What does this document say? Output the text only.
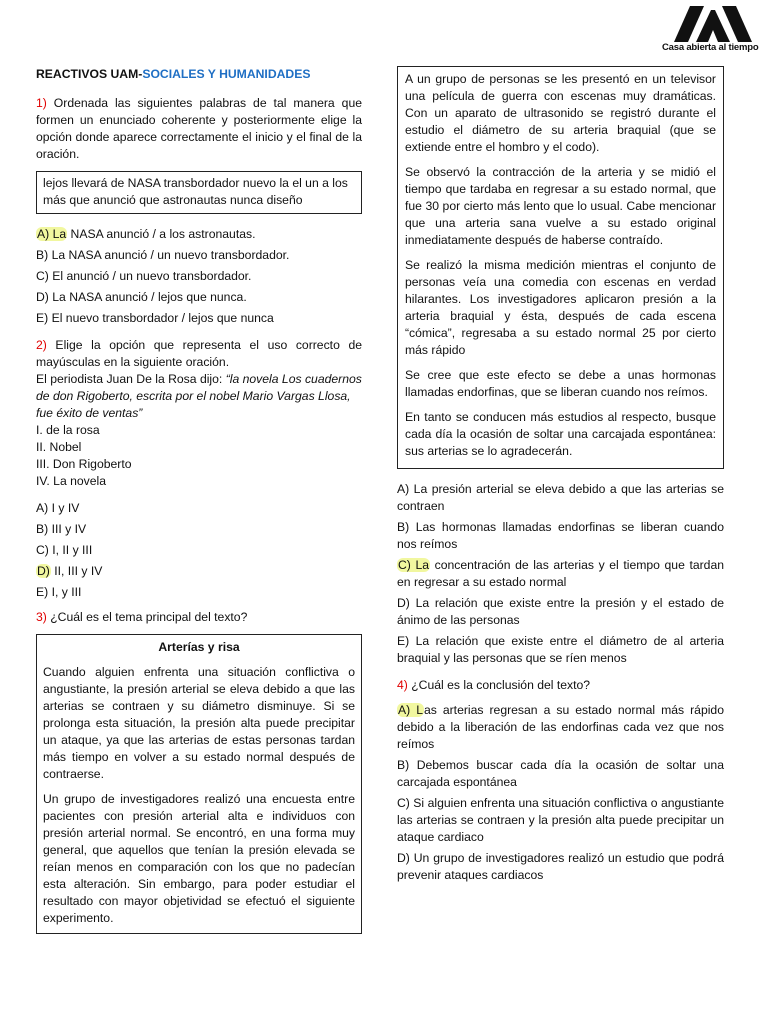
Casa abierta al tiempo
REACTIVOS UAM-SOCIALES Y HUMANIDADES

1) Ordenada las siguientes palabras de tal manera que formen un enunciado coherente y posteriormente elige la opción donde aparece correctamente el inicio y el final de la oración.

lejos llevará de NASA transbordador nuevo la el un a los más que anunció que astronautas nunca diseño
A) La NASA anunció / a los astronautas.
B) La NASA anunció / un nuevo transbordador.
C) El anunció / un nuevo transbordador.
D) La NASA anunció / lejos que nunca.
E) El nuevo transbordador / lejos que nunca

2) Elige la opción que representa el uso correcto de mayúsculas en la siguiente oración.

El periodista Juan De la Rosa dijo: “la novela Los cuadernos de don Rigoberto, escrita por el nobel Mario Vargas Llosa, fue éxito de ventas”
I. de la rosa
II. Nobel
III. Don Rigoberto
IV. La novela
A) I y IV
B) III y IV
C) I, II y III
D) II, III y IV
E) I, y III

3) ¿Cuál es el tema principal del texto?

Arterías y risa

Cuando alguien enfrenta una situación conflictiva o angustiante, la presión arterial se eleva debido a que las arterias se contraen y su diámetro disminuye. Si se prolonga esta situación, la presión alta puede precipitar un ataque, ya que las arterias de estas personas tardan más tiempo en volver a su estado normal después de contraerse.

Un grupo de investigadores realizó una encuesta entre pacientes con presión arterial alta e individuos con presión arterial normal. Se encontró, en una forma muy general, que aquellos que tenían la presión elevada se reían menos en comparación con los que no padecían esta alteración. Sin embargo, para poder estudiar el resultado con mayor objetividad se efectuó el siguiente experimento.

A un grupo de personas se les presentó en un televisor una película de guerra con escenas muy dramáticas. Con un aparato de ultrasonido se registró durante el estudio el diámetro de su arteria braquial (que se extiende entre el hombro y el codo).

Se observó la contracción de la arteria y se midió el tiempo que tardaba en regresar a su estado normal, que fue 30 por cierto más lento que lo usual. Cabe mencionar que una arteria sana vuelve a su estado original inmediatamente después de haberse contraído.

Se realizó la misma medición mientras el conjunto de personas veía una comedia con escenas en verdad hilarantes. Los investigadores aplicaron presión a la arteria braquial y ésta, después de cada escena “cómica”, regresaba a su estado normal 25 por cierto más rápido

Se cree que este efecto se debe a unas hormonas llamadas endorfinas, que se liberan cuando nos reímos.

En tanto se conducen más estudios al respecto, busque cada día la ocasión de soltar una carcajada espontánea: sus arterias se lo agradecerán.

A) La presión arterial se eleva debido a que las arterias se contraen
B) Las hormonas llamadas endorfinas se liberan cuando nos reímos
C) La concentración de las arterias y el tiempo que tardan en regresar a su estado normal
D) La relación que existe entre la presión y el estado de ánimo de las personas
E) La relación que existe entre el diámetro de al arteria braquial y las personas que se ríen menos

4) ¿Cuál es la conclusión del texto?

A) Las arterias regresan a su estado normal más rápido debido a la liberación de las endorfinas cada vez que nos reímos
B) Debemos buscar cada día la ocasión de soltar una carcajada espontánea
C) Si alguien enfrenta una situación conflictiva o angustiante las arterias se contraen y la presión alta puede precipitar un ataque cardiaco
D) Un grupo de investigadores realizó un estudio que podrá prevenir ataques cardiacos
